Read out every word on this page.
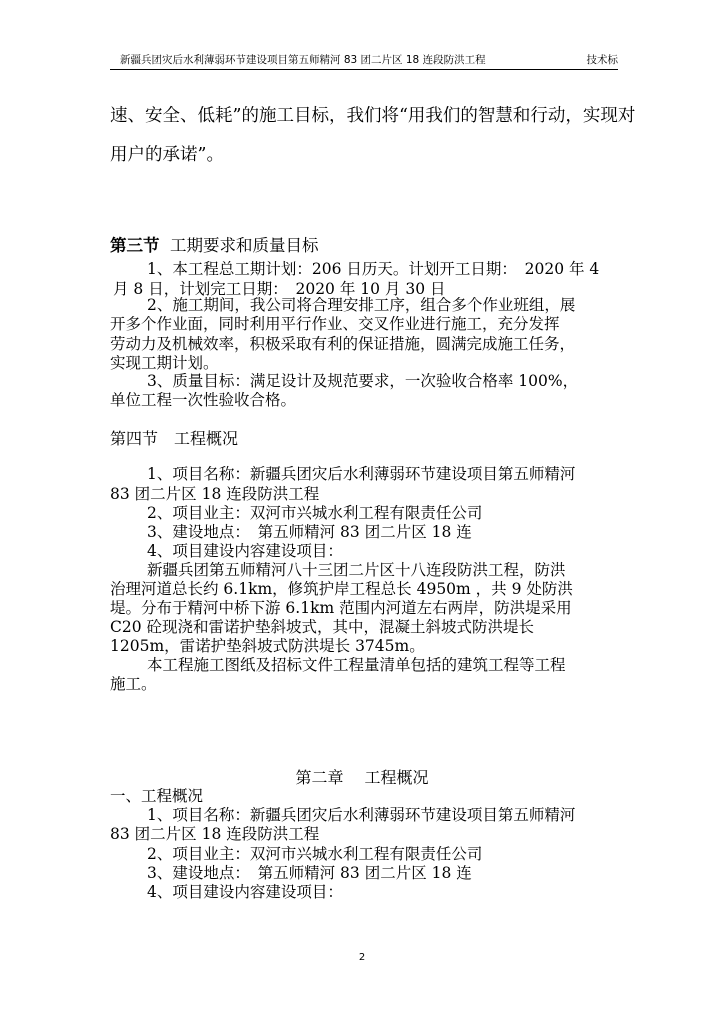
新疆兵团灾后水利薄弱环节建设项目第五师精河 83 团二片区 18 连段防洪工程	技术标
速、安全、低耗”的施工目标，我们将“用我们的智慧和行动，实现对
用户的承诺”。
第三节 工期要求和质量目标
1、本工程总工期计划：206 日历天。计划开工日期：　2020 年 4
月 8 日，计划完工日期：　2020 年 10 月 30 日
2、施工期间，我公司将合理安排工序，组合多个作业班组，展
开多个作业面，同时利用平行作业、交叉作业进行施工，充分发挥
劳动力及机械效率，积极采取有利的保证措施，圆满完成施工任务，
实现工期计划。
3、质量目标：满足设计及规范要求，一次验收合格率 100%，
单位工程一次性验收合格。
第四节　工程概况
1、项目名称：新疆兵团灾后水利薄弱环节建设项目第五师精河
83 团二片区 18 连段防洪工程
2、项目业主：双河市兴城水利工程有限责任公司
3、建设地点：　第五师精河 83 团二片区 18 连
4、项目建设内容建设项目：
新疆兵团第五师精河八十三团二片区十八连段防洪工程，防洪
治理河道总长约 6.1km，修筑护岸工程总长 4950m ，共 9 处防洪
堤。分布于精河中桥下游 6.1km 范围内河道左右两岸，防洪堤采用
C20 砼现浇和雷诺护垫斜坡式，其中，混凝土斜坡式防洪堤长
1205m，雷诺护垫斜坡式防洪堤长 3745m。
本工程施工图纸及招标文件工程量清单包括的建筑工程等工程
施工。
第二章　 工程概况
一、工程概况
1、项目名称：新疆兵团灾后水利薄弱环节建设项目第五师精河
83 团二片区 18 连段防洪工程
2、项目业主：双河市兴城水利工程有限责任公司
3、建设地点：　第五师精河 83 团二片区 18 连
4、项目建设内容建设项目：
2
